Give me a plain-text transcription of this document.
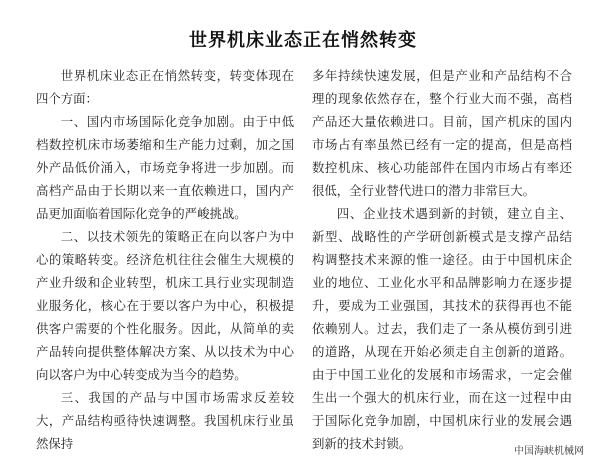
世界机床业态正在悄然转变

世界机床业态正在悄然转变，转变体现在四个方面：

一、国内市场国际化竞争加剧。由于中低档数控机床市场萎缩和生产能力过剩，加之国外产品低价涌入，市场竞争将进一步加剧。而高档产品由于长期以来一直依赖进口，国内产品更加面临着国际化竞争的严峻挑战。

二、以技术领先的策略正在向以客户为中心的策略转变。经济危机往往会催生大规模的产业升级和企业转型，机床工具行业实现制造业服务化，核心在于要以客户为中心，积极提供客户需要的个性化服务。因此，从简单的卖产品转向提供整体解决方案、从以技术为中心向以客户为中心转变成为当今的趋势。

三、我国的产品与中国市场需求反差较大，产品结构亟待快速调整。我国机床行业虽然保持

多年持续快速发展，但是产业和产品结构不合理的现象依然存在，整个行业大而不强，高档产品还大量依赖进口。目前，国产机床的国内市场占有率虽然已经有一定的提高，但是高档数控机床、核心功能部件在国内市场占有率还很低，全行业替代进口的潜力非常巨大。

四、企业技术遇到新的封锁，建立自主、新型、战略性的产学研创新模式是支撑产品结构调整技术来源的惟一途径。由于中国机床企业的地位、工业化水平和品牌影响力在逐步提升，要成为工业强国，其技术的获得再也不能依赖别人。过去，我们走了一条从模仿到引进的道路，从现在开始必须走自主创新的道路。由于中国工业化的发展和市场需求，一定会催生出一个强大的机床行业，而在这一过程中由于国际化竞争加剧，中国机床行业的发展会遇到新的技术封锁。

中国海峡机械网
